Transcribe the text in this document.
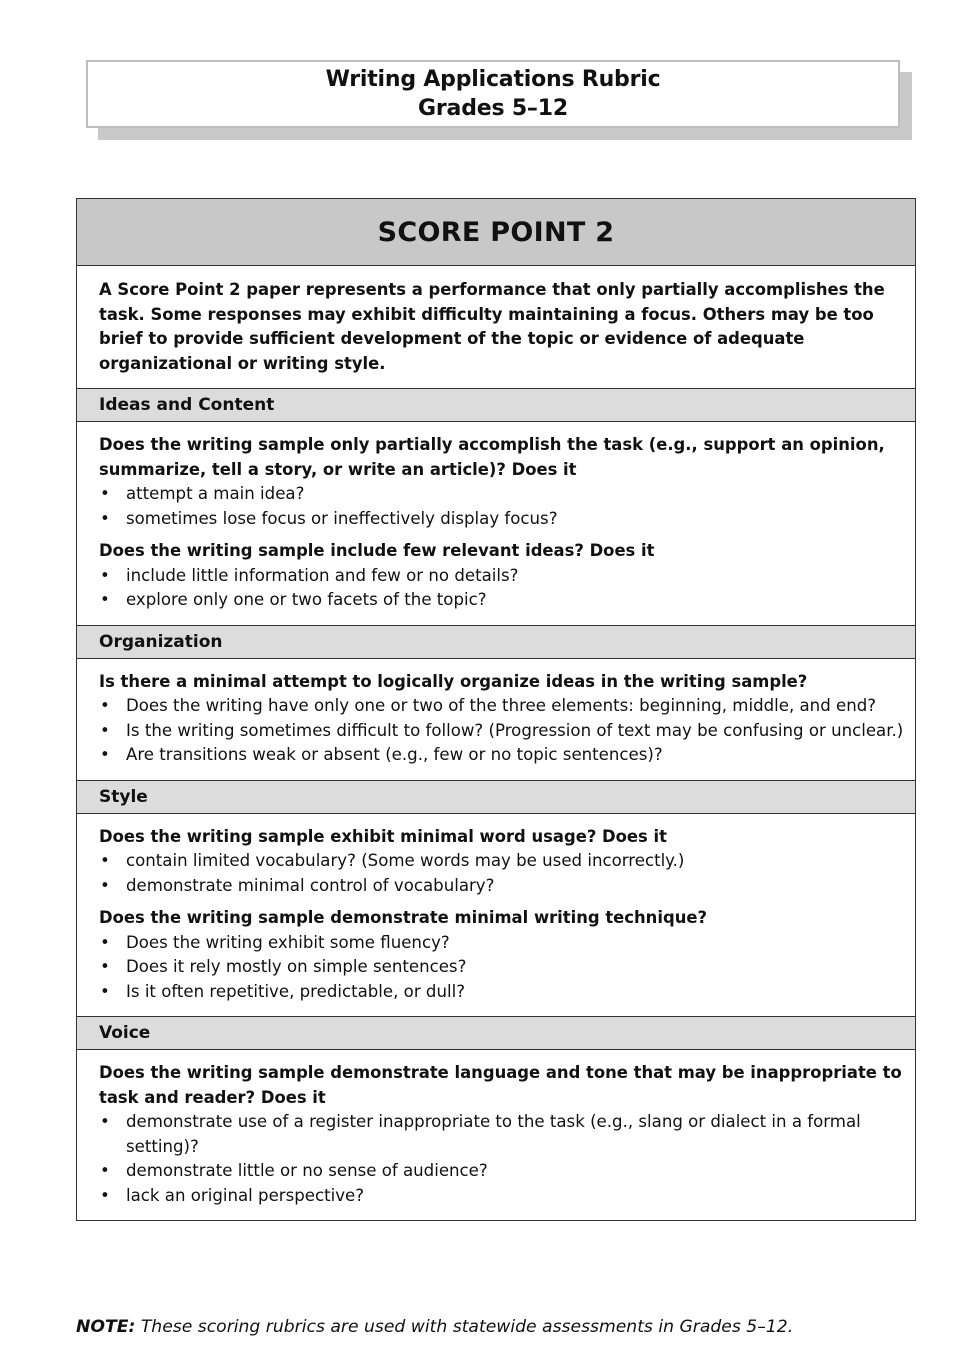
Writing Applications Rubric
Grades 5–12
SCORE POINT 2
A Score Point 2 paper represents a performance that only partially accomplishes the task. Some responses may exhibit difficulty maintaining a focus. Others may be too brief to provide sufficient development of the topic or evidence of adequate organizational or writing style.
Ideas and Content
Does the writing sample only partially accomplish the task (e.g., support an opinion, summarize, tell a story, or write an article)? Does it
• attempt a main idea?
• sometimes lose focus or ineffectively display focus?
Does the writing sample include few relevant ideas? Does it
• include little information and few or no details?
• explore only one or two facets of the topic?
Organization
Is there a minimal attempt to logically organize ideas in the writing sample?
• Does the writing have only one or two of the three elements: beginning, middle, and end?
• Is the writing sometimes difficult to follow? (Progression of text may be confusing or unclear.)
• Are transitions weak or absent (e.g., few or no topic sentences)?
Style
Does the writing sample exhibit minimal word usage? Does it
• contain limited vocabulary? (Some words may be used incorrectly.)
• demonstrate minimal control of vocabulary?
Does the writing sample demonstrate minimal writing technique?
• Does the writing exhibit some fluency?
• Does it rely mostly on simple sentences?
• Is it often repetitive, predictable, or dull?
Voice
Does the writing sample demonstrate language and tone that may be inappropriate to task and reader? Does it
• demonstrate use of a register inappropriate to the task (e.g., slang or dialect in a formal setting)?
• demonstrate little or no sense of audience?
• lack an original perspective?
NOTE: These scoring rubrics are used with statewide assessments in Grades 5–12.
